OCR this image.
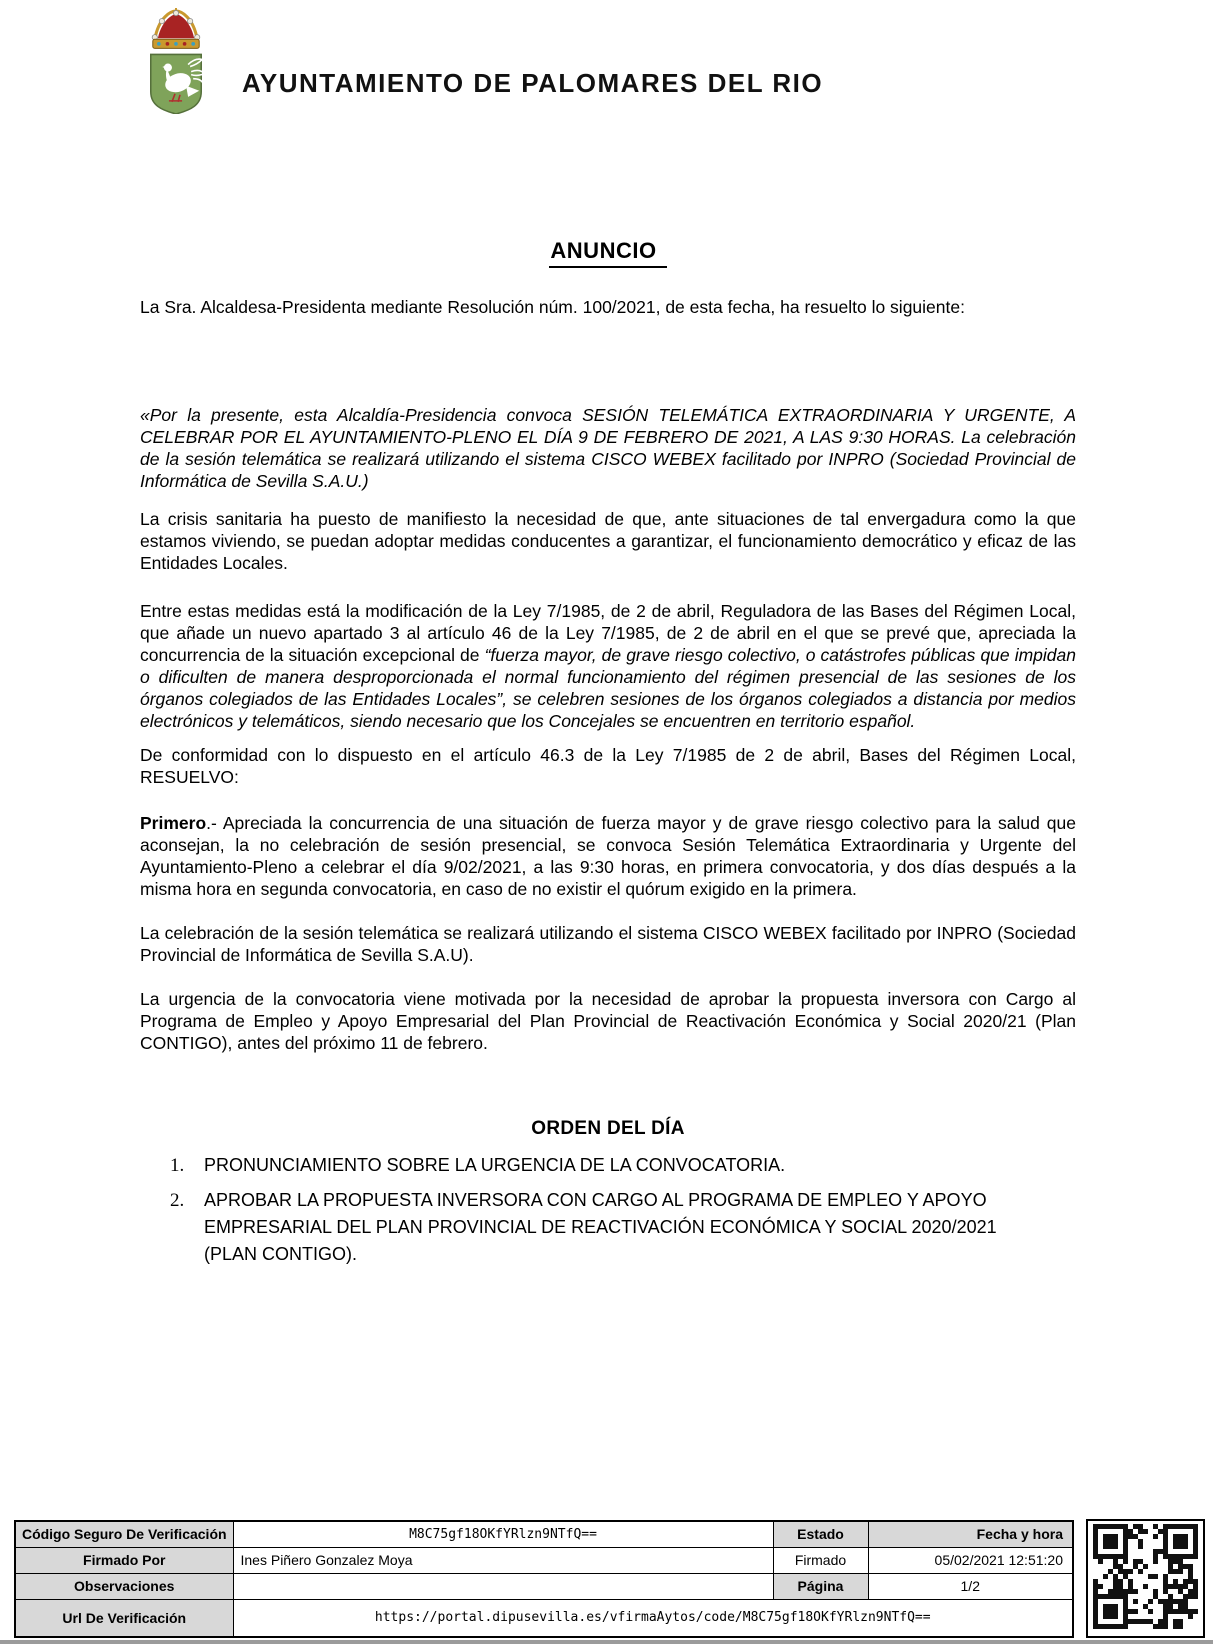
AYUNTAMIENTO DE PALOMARES DEL RIO
ANUNCIO

La Sra. Alcaldesa-Presidenta mediante Resolución núm. 100/2021, de esta fecha, ha resuelto lo siguiente:

«Por la presente, esta Alcaldía-Presidencia convoca SESIÓN TELEMÁTICA EXTRAORDINARIA Y URGENTE, A CELEBRAR POR EL AYUNTAMIENTO-PLENO EL DÍA 9 DE FEBRERO DE 2021, A LAS 9:30 HORAS. La celebración de la sesión telemática se realizará utilizando el sistema CISCO WEBEX facilitado por INPRO (Sociedad Provincial de Informática de Sevilla S.A.U.)

La crisis sanitaria ha puesto de manifiesto la necesidad de que, ante situaciones de tal envergadura como la que estamos viviendo, se puedan adoptar medidas conducentes a garantizar, el funcionamiento democrático y eficaz de las Entidades Locales.

Entre estas medidas está la modificación de la Ley 7/1985, de 2 de abril, Reguladora de las Bases del Régimen Local, que añade un nuevo apartado 3 al artículo 46 de la Ley 7/1985, de 2 de abril en el que se prevé que, apreciada la concurrencia de la situación excepcional de “fuerza mayor, de grave riesgo colectivo, o catástrofes públicas que impidan o dificulten de manera desproporcionada el normal funcionamiento del régimen presencial de las sesiones de los órganos colegiados de las Entidades Locales”, se celebren sesiones de los órganos colegiados a distancia por medios electrónicos y telemáticos, siendo necesario que los Concejales se encuentren en territorio español.

De conformidad con lo dispuesto en el artículo 46.3 de la Ley 7/1985 de 2 de abril, Bases del Régimen Local, RESUELVO:

Primero.- Apreciada la concurrencia de una situación de fuerza mayor y de grave riesgo colectivo para la salud que aconsejan, la no celebración de sesión presencial, se convoca Sesión Telemática Extraordinaria y Urgente del Ayuntamiento-Pleno a celebrar el día 9/02/2021, a las 9:30 horas, en primera convocatoria, y dos días después a la misma hora en segunda convocatoria, en caso de no existir el quórum exigido en la primera.

La celebración de la sesión telemática se realizará utilizando el sistema CISCO WEBEX facilitado por INPRO (Sociedad Provincial de Informática de Sevilla S.A.U).

La urgencia de la convocatoria viene motivada por la necesidad de aprobar la propuesta inversora con Cargo al Programa de Empleo y Apoyo Empresarial del Plan Provincial de Reactivación Económica y Social 2020/21 (Plan CONTIGO), antes del próximo 11 de febrero.

ORDEN DEL DÍA
1.	PRONUNCIAMIENTO SOBRE LA URGENCIA DE LA CONVOCATORIA.
2.	APROBAR LA PROPUESTA INVERSORA CON CARGO AL PROGRAMA DE EMPLEO Y APOYO EMPRESARIAL DEL PLAN PROVINCIAL DE REACTIVACIÓN ECONÓMICA Y SOCIAL 2020/2021 (PLAN CONTIGO).
Código Seguro De Verificación	M8C75gf18OKfYRlzn9NTfQ==	Estado	Fecha y hora
Firmado Por	Ines Piñero Gonzalez Moya	Firmado	05/02/2021 12:51:20
Observaciones		Página	1/2
Url De Verificación	https://portal.dipusevilla.es/vfirmaAytos/code/M8C75gf18OKfYRlzn9NTfQ==		
